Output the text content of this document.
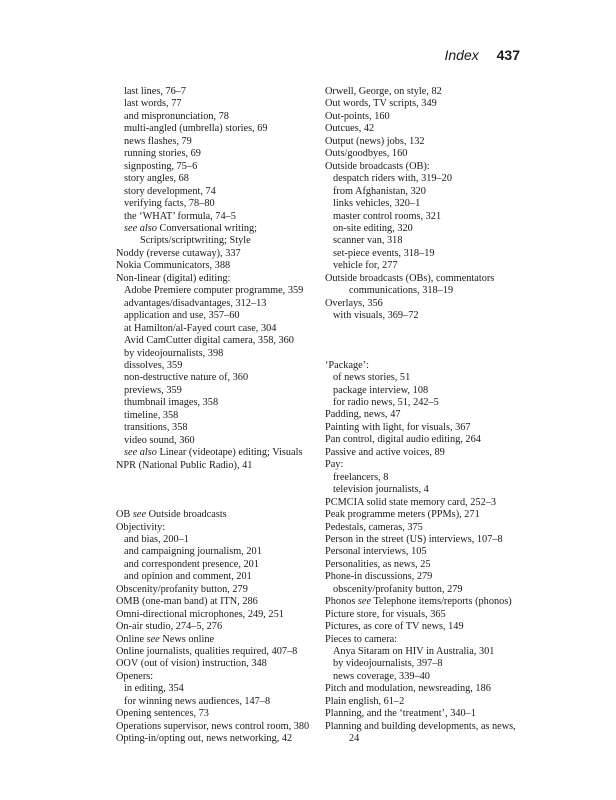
Index 437
last lines, 76–7
last words, 77
and mispronunciation, 78
multi-angled (umbrella) stories, 69
news flashes, 79
running stories, 69
signposting, 75–6
story angles, 68
story development, 74
verifying facts, 78–80
the ‘WHAT’ formula, 74–5
see also Conversational writing;
Scripts/scriptwriting; Style
Noddy (reverse cutaway), 337
Nokia Communicators, 388
Non-linear (digital) editing:
Adobe Premiere computer programme, 359
advantages/disadvantages, 312–13
application and use, 357–60
at Hamilton/al-Fayed court case, 304
Avid CamCutter digital camera, 358, 360
by videojournalists, 398
dissolves, 359
non-destructive nature of, 360
previews, 359
thumbnail images, 358
timeline, 358
transitions, 358
video sound, 360
see also Linear (videotape) editing; Visuals
NPR (National Public Radio), 41
OB see Outside broadcasts
Objectivity:
and bias, 200–1
and campaigning journalism, 201
and correspondent presence, 201
and opinion and comment, 201
Obscenity/profanity button, 279
OMB (one-man band) at ITN, 286
Omni-directional microphones, 249, 251
On-air studio, 274–5, 276
Online see News online
Online journalists, qualities required, 407–8
OOV (out of vision) instruction, 348
Openers:
in editing, 354
for winning news audiences, 147–8
Opening sentences, 73
Operations supervisor, news control room, 380
Opting-in/opting out, news networking, 42
Orwell, George, on style, 82
Out words, TV scripts, 349
Out-points, 160
Outcues, 42
Output (news) jobs, 132
Outs/goodbyes, 160
Outside broadcasts (OB):
despatch riders with, 319–20
from Afghanistan, 320
links vehicles, 320–1
master control rooms, 321
on-site editing, 320
scanner van, 318
set-piece events, 318–19
vehicle for, 277
Outside broadcasts (OBs), commentators
communications, 318–19
Overlays, 356
with visuals, 369–72
‘Package’:
of news stories, 51
package interview, 108
for radio news, 51, 242–5
Padding, news, 47
Painting with light, for visuals, 367
Pan control, digital audio editing, 264
Passive and active voices, 89
Pay:
freelancers, 8
television journalists, 4
PCMCIA solid state memory card, 252–3
Peak programme meters (PPMs), 271
Pedestals, cameras, 375
Person in the street (US) interviews, 107–8
Personal interviews, 105
Personalities, as news, 25
Phone-in discussions, 279
obscenity/profanity button, 279
Phonos see Telephone items/reports (phonos)
Picture store, for visuals, 365
Pictures, as core of TV news, 149
Pieces to camera:
Anya Sitaram on HIV in Australia, 301
by videojournalists, 397–8
news coverage, 339–40
Pitch and modulation, newsreading, 186
Plain english, 61–2
Planning, and the ‘treatment’, 340–1
Planning and building developments, as news,
24
